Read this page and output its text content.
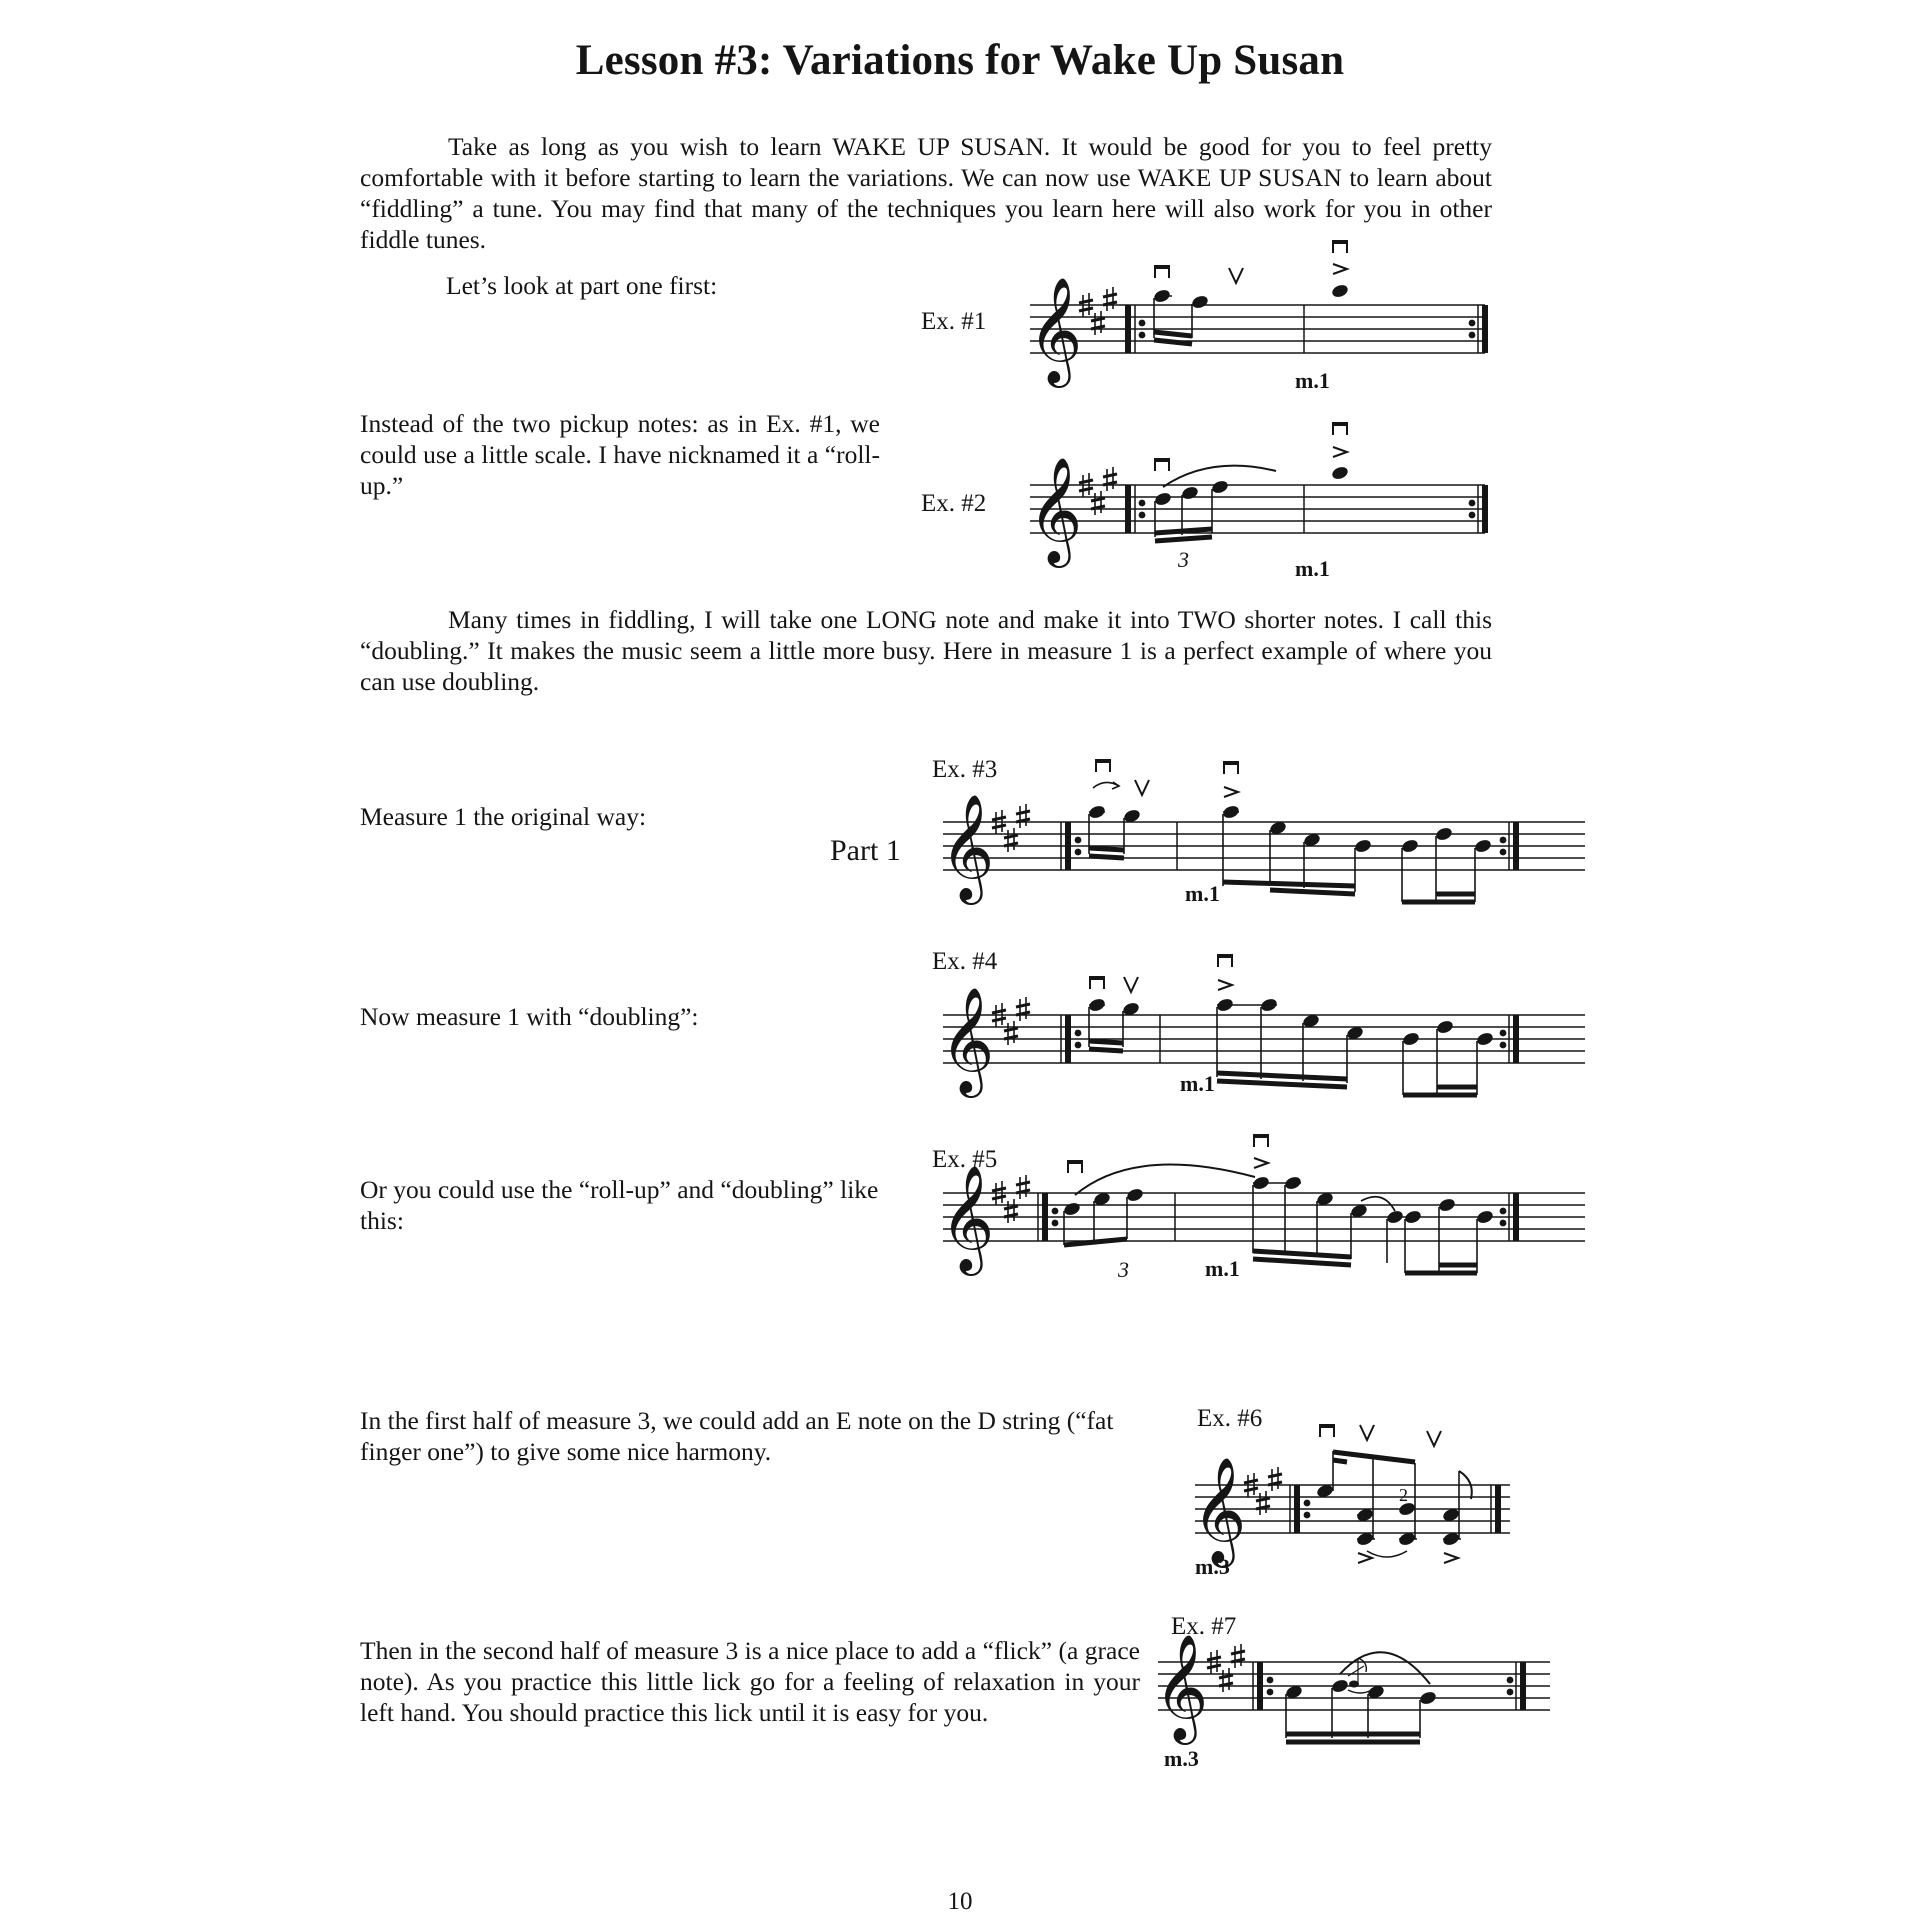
Lesson #3: Variations for Wake Up Susan

Take as long as you wish to learn WAKE UP SUSAN. It would be good for you to feel pretty comfortable with it before starting to learn the variations. We can now use WAKE UP SUSAN to learn about “fiddling” a tune. You may find that many of the techniques you learn here will also work for you in other fiddle tunes.

Let’s look at part one first:

Ex. #1 𝄞	m.1

Instead of the two pickup notes: as in Ex. #1, we could use a little scale. I have nicknamed it a “roll-up.”

Ex. #2 𝄞	3	m.1

Many times in fiddling, I will take one LONG note and make it into TWO shorter notes. I call this “doubling.” It makes the music seem a little more busy. Here in measure 1 is a perfect example of where you can use doubling.

Ex. #3

Measure 1 the original way:

Part 1 𝄞	m.1
Ex. #4

Now measure 1 with “doubling”:	𝄞	m.1
Ex. #5

Or you could use the “roll-up” and “doubling” like this:	𝄞
3	m.1

In the first half of measure 3, we could add an E note on the D string (“fat finger one”) to give some nice harmony.

Ex. #6
𝄞	2
m.3
Ex. #7

Then in the second half of measure 3 is a nice place to add a “flick” (a grace note). As you practice this little lick go for a feeling of relaxation in your left hand. You should practice this lick until it is easy for you.	𝄞
m.3
10
